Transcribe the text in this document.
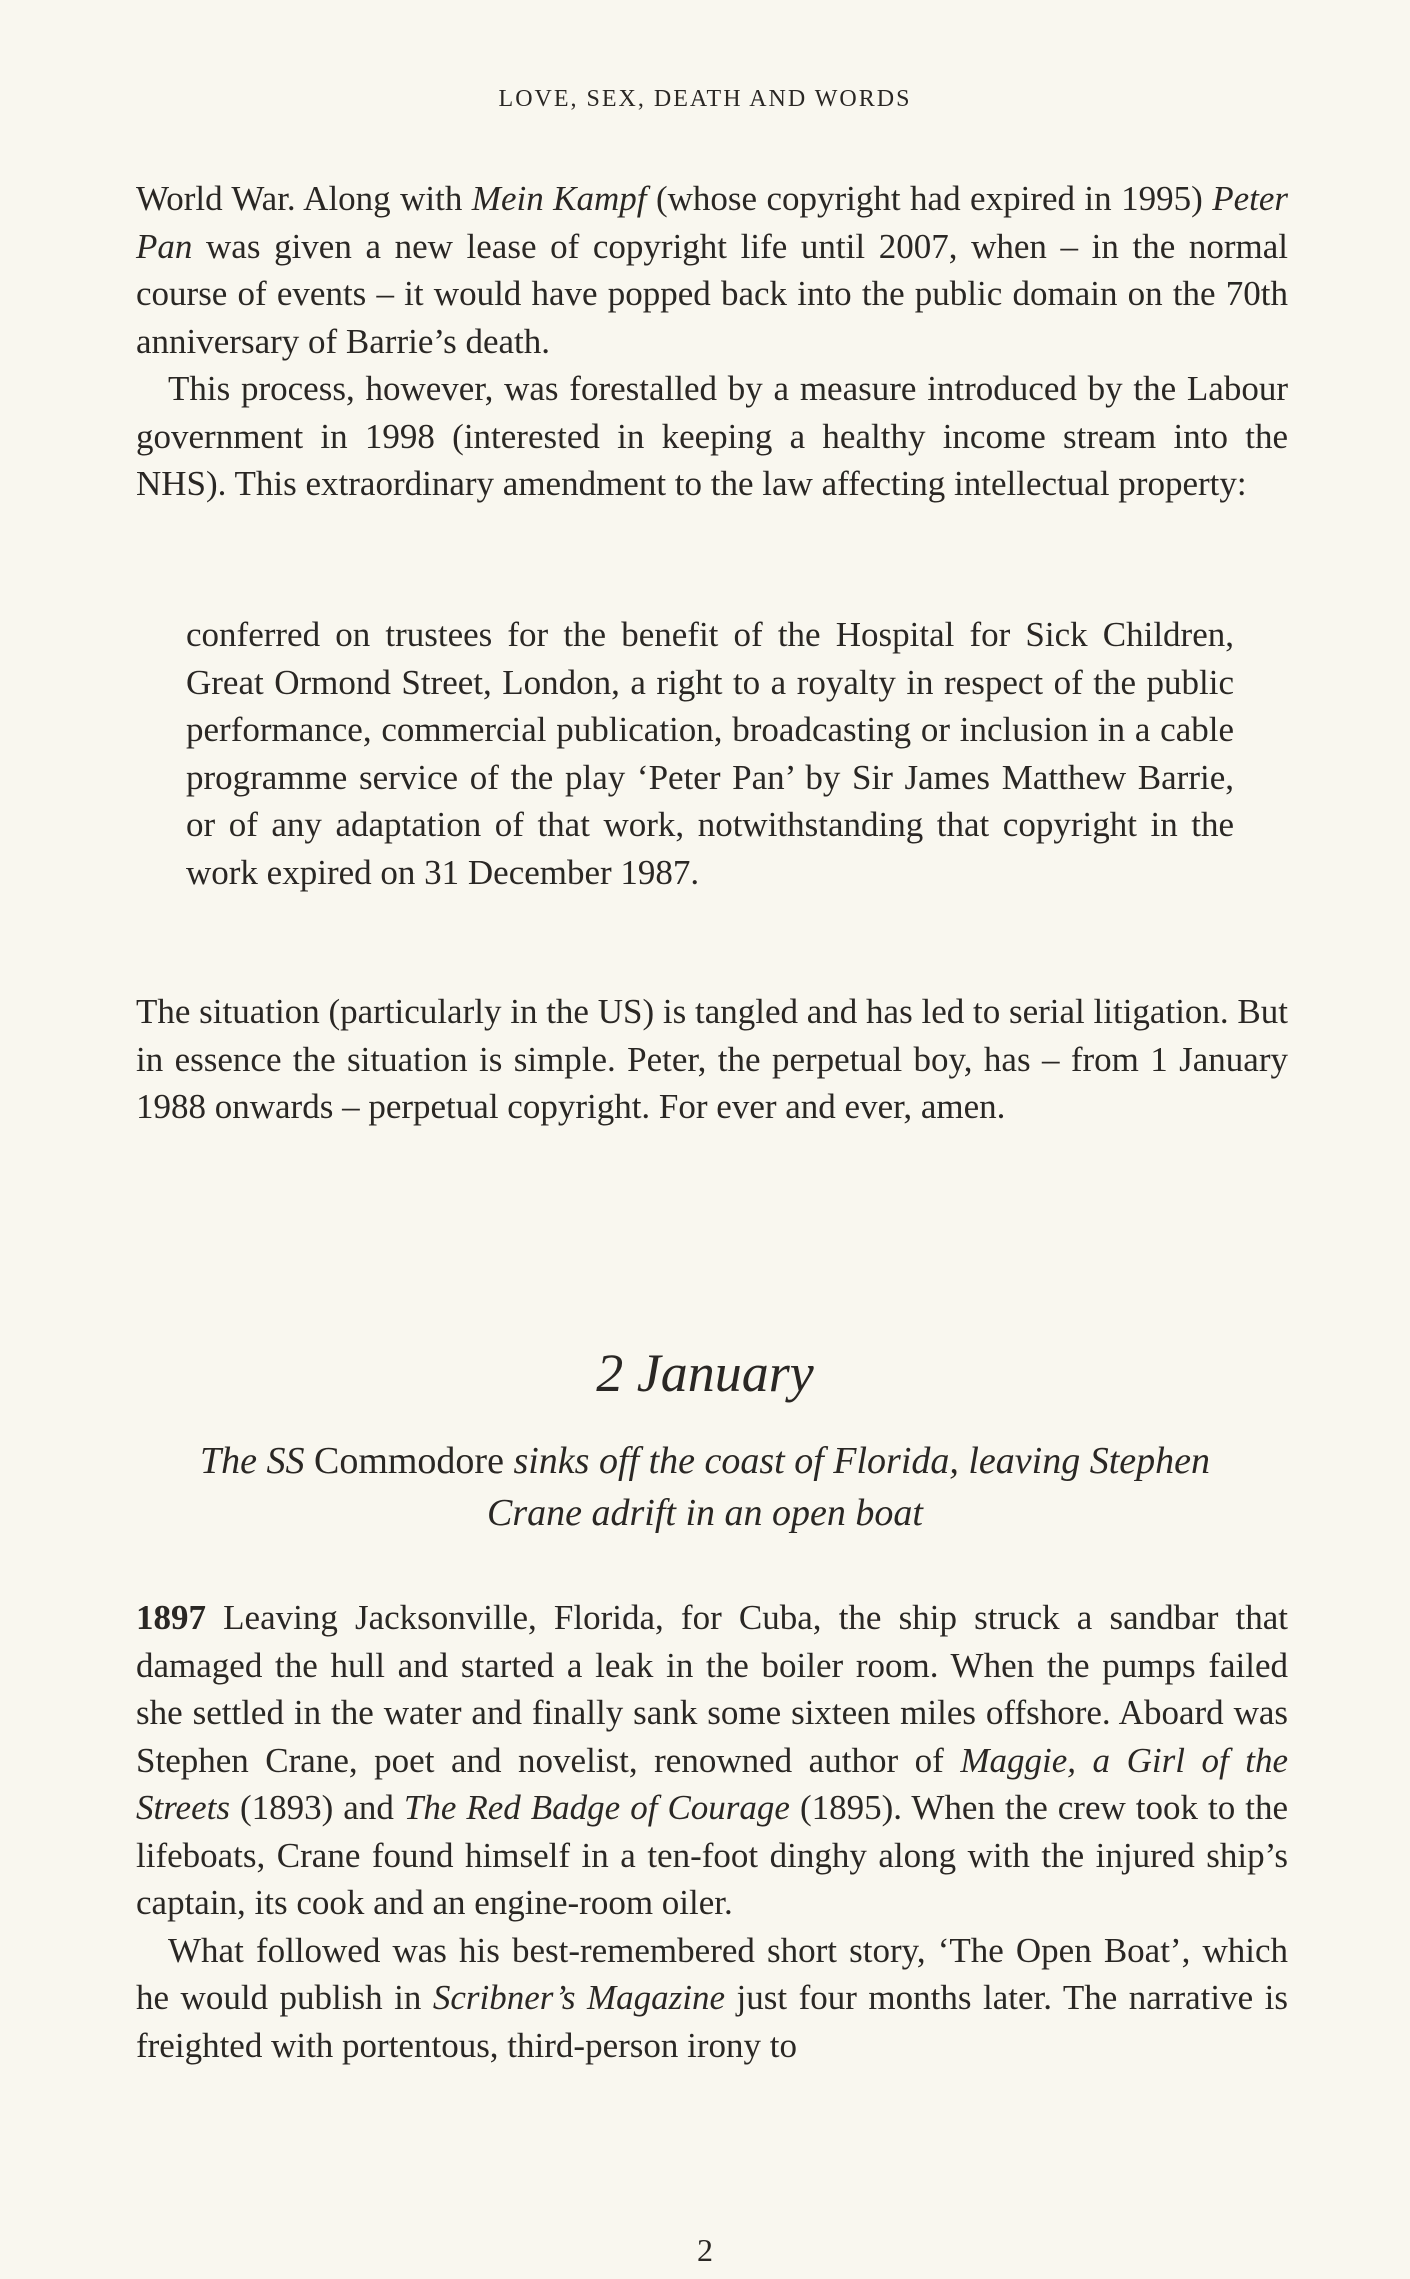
LOVE, SEX, DEATH AND WORDS

World War. Along with Mein Kampf (whose copyright had expired in 1995) Peter Pan was given a new lease of copyright life until 2007, when – in the normal course of events – it would have popped back into the public domain on the 70th anniversary of Barrie’s death.

This process, however, was forestalled by a measure introduced by the Labour government in 1998 (interested in keeping a healthy income stream into the NHS). This extraordinary amendment to the law affecting intellectual property:

conferred on trustees for the benefit of the Hospital for Sick Children, Great Ormond Street, London, a right to a royalty in respect of the public performance, commercial publication, broadcasting or inclusion in a cable programme service of the play ‘Peter Pan’ by Sir James Matthew Barrie, or of any adaptation of that work, notwithstanding that copyright in the work expired on 31 December 1987.

The situation (particularly in the US) is tangled and has led to serial litigation. But in essence the situation is simple. Peter, the perpetual boy, has – from 1 January 1988 onwards – perpetual copyright. For ever and ever, amen.

2 January
The SS Commodore sinks off the coast of Florida, leaving Stephen Crane adrift in an open boat

1897 Leaving Jacksonville, Florida, for Cuba, the ship struck a sandbar that damaged the hull and started a leak in the boiler room. When the pumps failed she settled in the water and finally sank some sixteen miles offshore. Aboard was Stephen Crane, poet and novelist, renowned author of Maggie, a Girl of the Streets (1893) and The Red Badge of Courage (1895). When the crew took to the lifeboats, Crane found himself in a ten-foot dinghy along with the injured ship’s captain, its cook and an engine-room oiler.

What followed was his best-remembered short story, ‘The Open Boat’, which he would publish in Scribner’s Magazine just four months later. The narrative is freighted with portentous, third-person irony to

2
